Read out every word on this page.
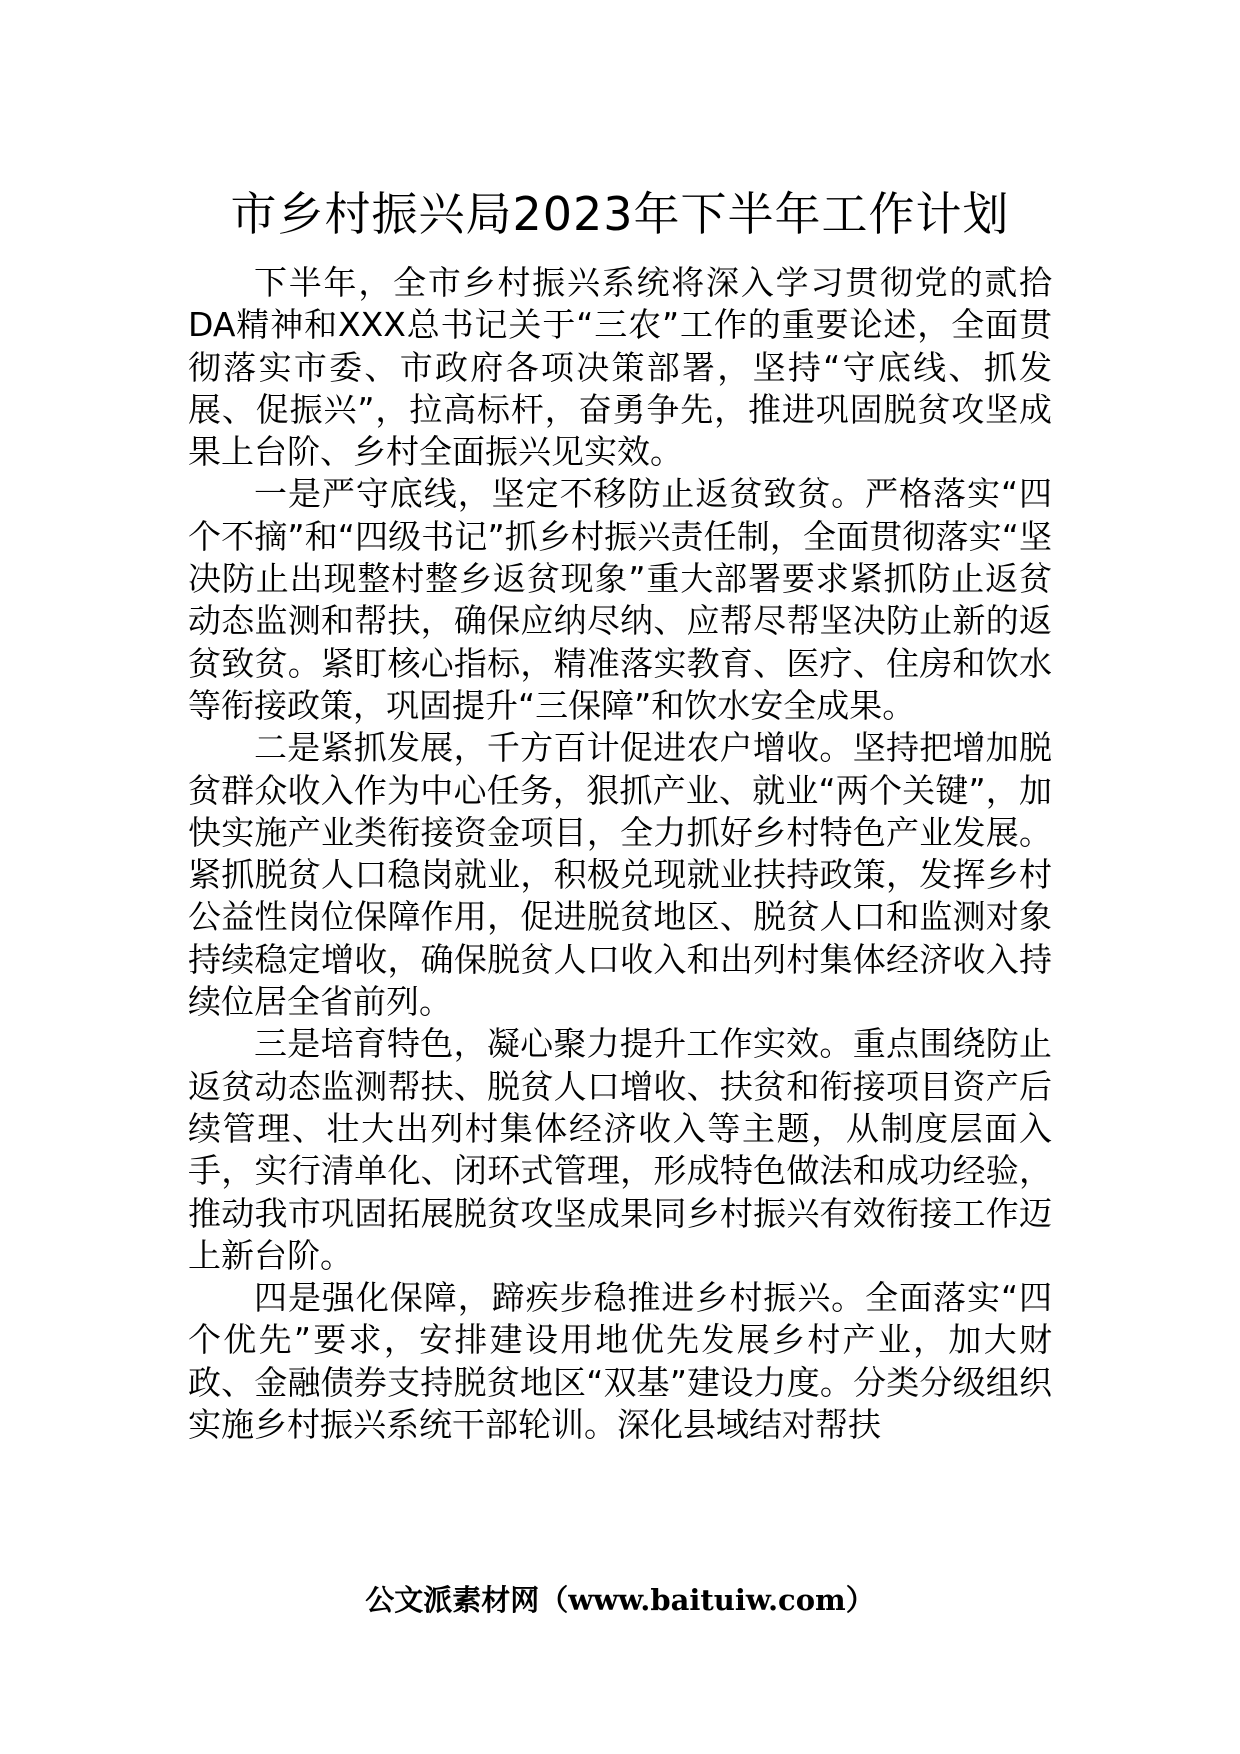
市乡村振兴局2023年下半年工作计划

下半年，全市乡村振兴系统将深入学习贯彻党的贰拾DA精神和XXX总书记关于“三农”工作的重要论述，全面贯彻落实市委、市政府各项决策部署，坚持“守底线、抓发展、促振兴”，拉高标杆，奋勇争先，推进巩固脱贫攻坚成果上台阶、乡村全面振兴见实效。

一是严守底线，坚定不移防止返贫致贫。严格落实“四个不摘”和“四级书记”抓乡村振兴责任制，全面贯彻落实“坚决防止出现整村整乡返贫现象”重大部署要求紧抓防止返贫动态监测和帮扶，确保应纳尽纳、应帮尽帮坚决防止新的返贫致贫。紧盯核心指标，精准落实教育、医疗、住房和饮水等衔接政策，巩固提升“三保障”和饮水安全成果。

二是紧抓发展，千方百计促进农户增收。坚持把增加脱贫群众收入作为中心任务，狠抓产业、就业“两个关键”，加快实施产业类衔接资金项目，全力抓好乡村特色产业发展。紧抓脱贫人口稳岗就业，积极兑现就业扶持政策，发挥乡村公益性岗位保障作用，促进脱贫地区、脱贫人口和监测对象持续稳定增收，确保脱贫人口收入和出列村集体经济收入持续位居全省前列。

三是培育特色，凝心聚力提升工作实效。重点围绕防止返贫动态监测帮扶、脱贫人口增收、扶贫和衔接项目资产后续管理、壮大出列村集体经济收入等主题，从制度层面入手，实行清单化、闭环式管理，形成特色做法和成功经验，推动我市巩固拓展脱贫攻坚成果同乡村振兴有效衔接工作迈上新台阶。

四是强化保障，蹄疾步稳推进乡村振兴。全面落实“四个优先”要求，安排建设用地优先发展乡村产业，加大财政、金融债券支持脱贫地区“双基”建设力度。分类分级组织实施乡村振兴系统干部轮训。深化县域结对帮扶

公文派素材网（www.baituiw.com）
